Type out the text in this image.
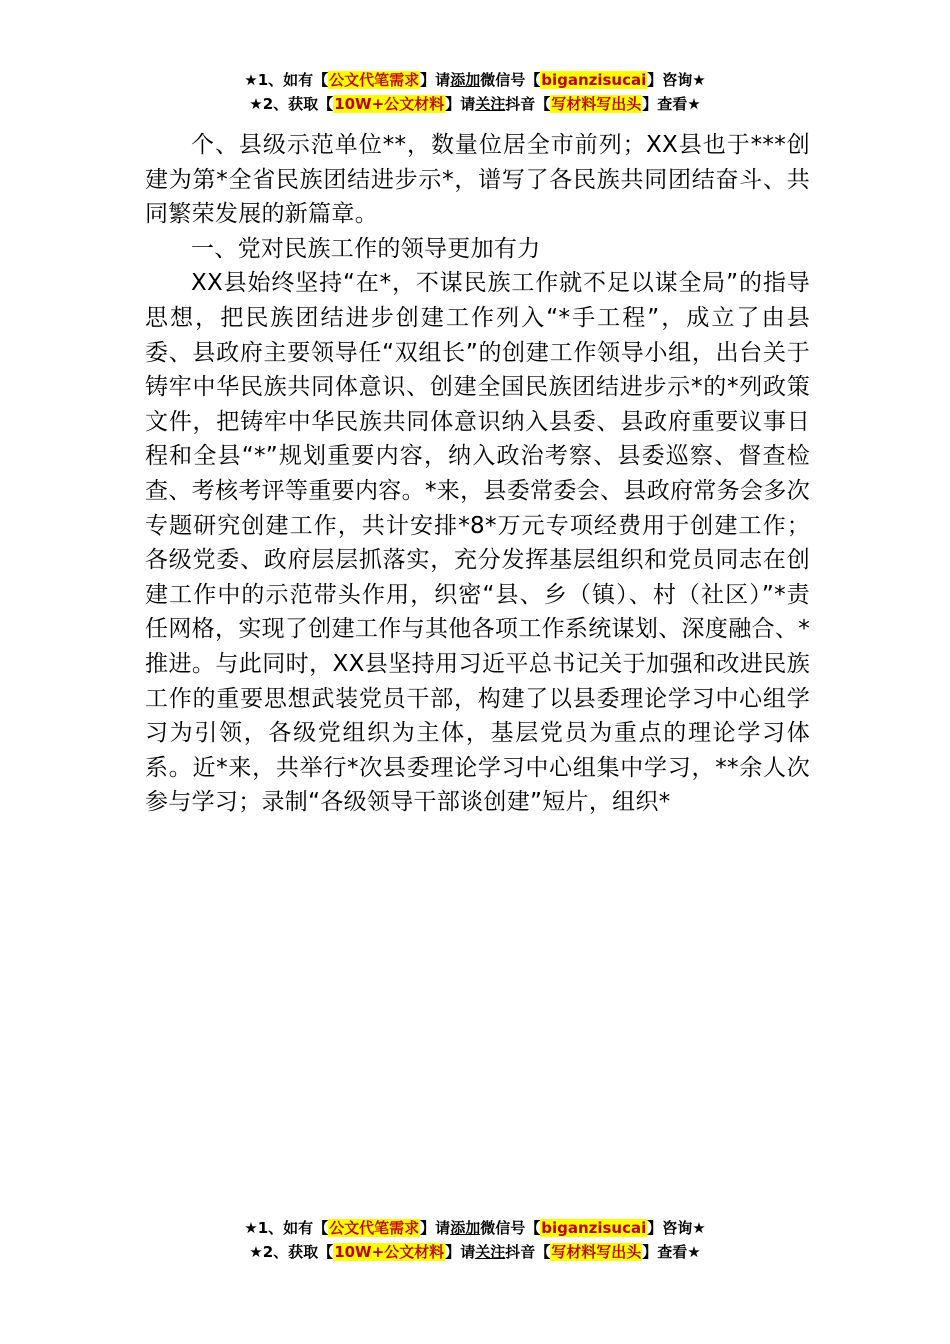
★1、如有【公文代笔需求】请添加微信号【biganzisucai】咨询★
★2、获取【10W+公文材料】请关注抖音【写材料写出头】查看★

个、县级示范单位**，数量位居全市前列；XX县也于***创建为第*全省民族团结进步示*，谱写了各民族共同团结奋斗、共同繁荣发展的新篇章。

一、党对民族工作的领导更加有力

XX县始终坚持“在*，不谋民族工作就不足以谋全局”的指导思想，把民族团结进步创建工作列入“*手工程”，成立了由县委、县政府主要领导任“双组长”的创建工作领导小组，出台关于铸牢中华民族共同体意识、创建全国民族团结进步示*的*列政策文件，把铸牢中华民族共同体意识纳入县委、县政府重要议事日程和全县“*”规划重要内容，纳入政治考察、县委巡察、督查检查、考核考评等重要内容。*来，县委常委会、县政府常务会多次专题研究创建工作，共计安排*8*万元专项经费用于创建工作；各级党委、政府层层抓落实，充分发挥基层组织和党员同志在创建工作中的示范带头作用，织密“县、乡（镇）、村（社区）”*责任网格，实现了创建工作与其他各项工作系统谋划、深度融合、*推进。与此同时，XX县坚持用习近平总书记关于加强和改进民族工作的重要思想武装党员干部，构建了以县委理论学习中心组学习为引领，各级党组织为主体，基层党员为重点的理论学习体系。近*来，共举行*次县委理论学习中心组集中学习，**余人次参与学习；录制“各级领导干部谈创建”短片，组织*

★1、如有【公文代笔需求】请添加微信号【biganzisucai】咨询★
★2、获取【10W+公文材料】请关注抖音【写材料写出头】查看★
